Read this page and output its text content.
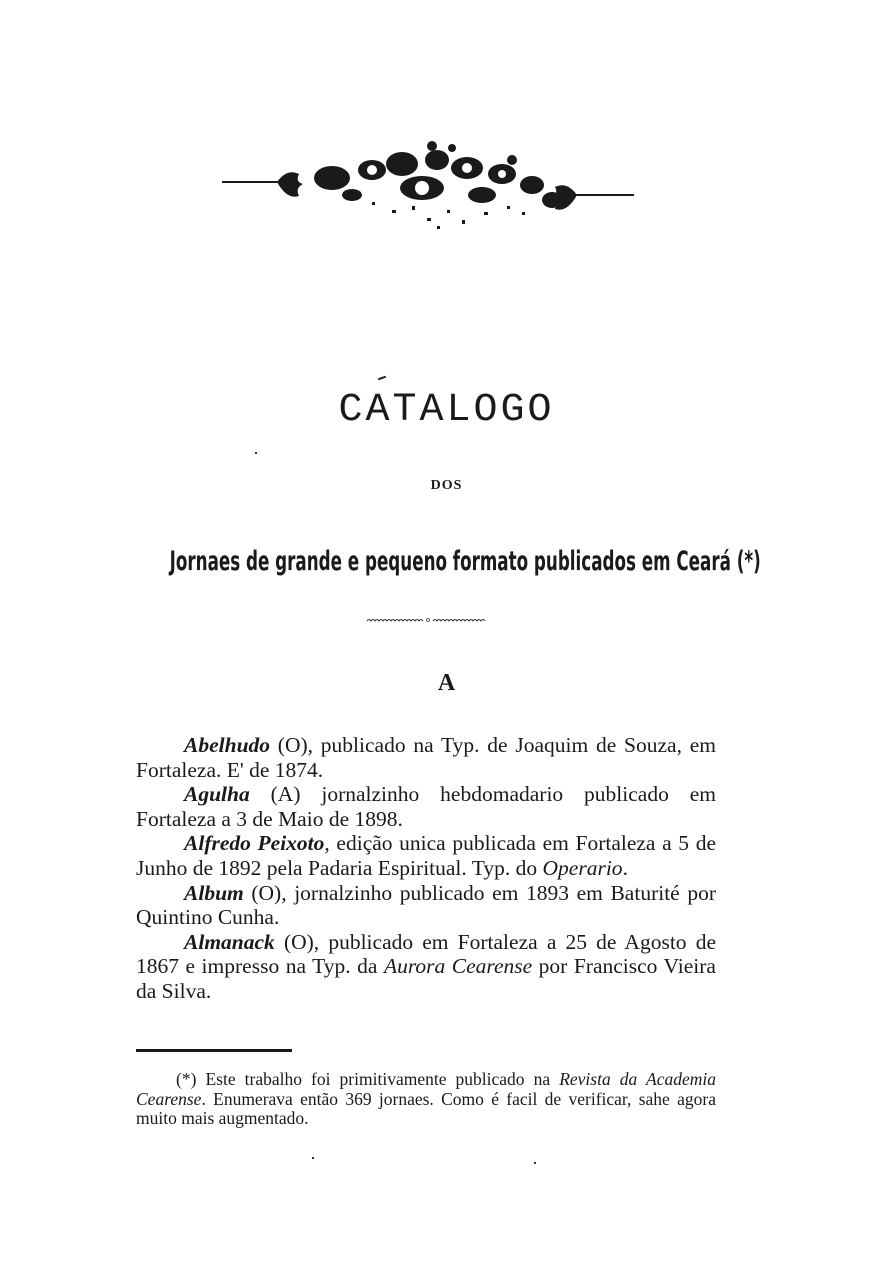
CATALOGO
DOS
Jornaes de grande e pequeno formato publicados em Ceará (*)
A

Abelhudo (O), publicado na Typ. de Joaquim de Souza, em Fortaleza. E' de 1874.

Agulha (A) jornalzinho hebdomadario publicado em Fortaleza a 3 de Maio de 1898.

Alfredo Peixoto, edição unica publicada em Fortaleza a 5 de Junho de 1892 pela Padaria Espiritual. Typ. do Operario.

Album (O), jornalzinho publicado em 1893 em Baturité por Quintino Cunha.

Almanack (O), publicado em Fortaleza a 25 de Agosto de 1867 e impresso na Typ. da Aurora Cearense por Francisco Vieira da Silva.

(*) Este trabalho foi primitivamente publicado na Revista da Academia Cearense. Enumerava então 369 jornaes. Como é facil de verificar, sahe agora muito mais augmentado.
